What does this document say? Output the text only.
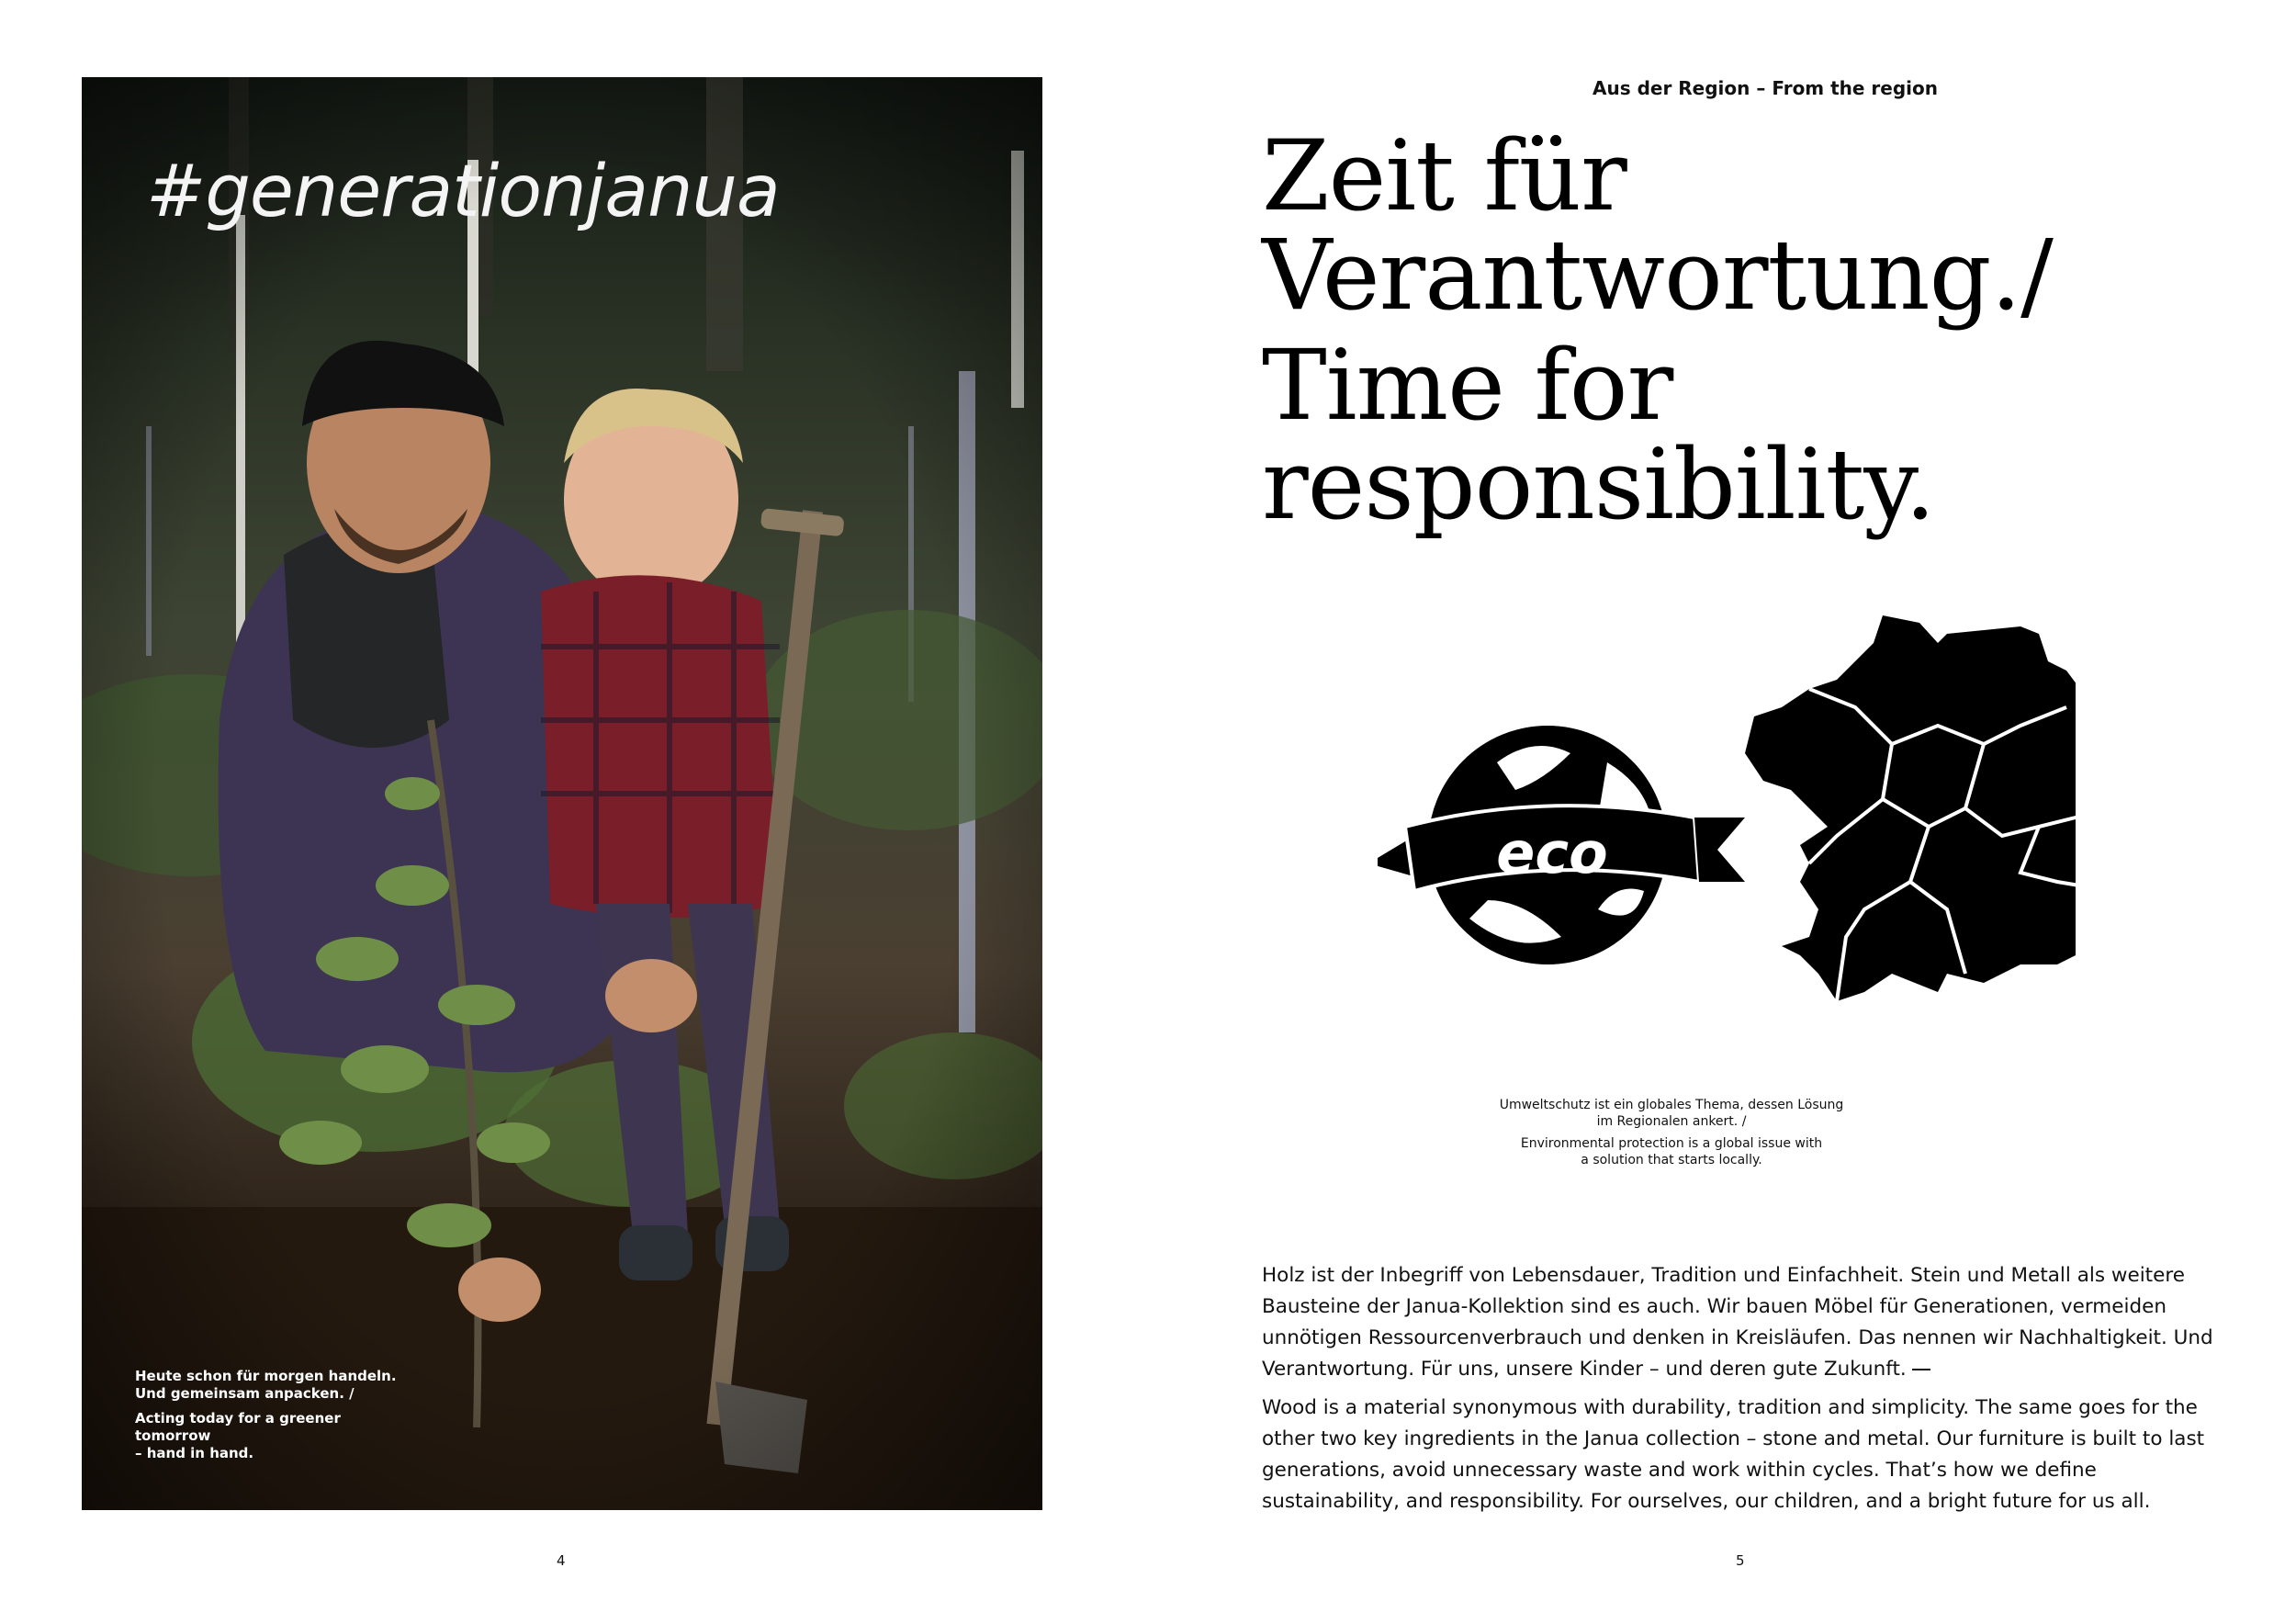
#generationjanua

Heute schon für morgen handeln.
Und gemeinsam anpacken. /

Acting today for a greener tomorrow
– hand in hand.

4
Aus der Region – From the region
Zeit für
Verantwortung./
Time for
responsibility.
eco

Umweltschutz ist ein globales Thema, dessen Lösung
im Regionalen ankert. /

Environmental protection is a global issue with
a solution that starts locally.

Holz ist der Inbegriff von Lebensdauer, Tradition und Einfachheit. Stein und Metall als weitere Bausteine der Janua-Kollektion sind es auch. Wir bauen Möbel für Generationen, vermeiden unnötigen Ressourcenverbrauch und denken in Kreisläufen. Das nennen wir Nachhaltigkeit. Und Verantwortung. Für uns, unsere Kinder – und deren gute Zukunft.

Wood is a material synonymous with durability, tradition and simplicity. The same goes for the other two key ingredients in the Janua collection – stone and metal. Our furniture is built to last generations, avoid unnecessary waste and work within cycles. That’s how we define sustainability, and responsibility. For ourselves, our children, and a bright future for us all.

5
